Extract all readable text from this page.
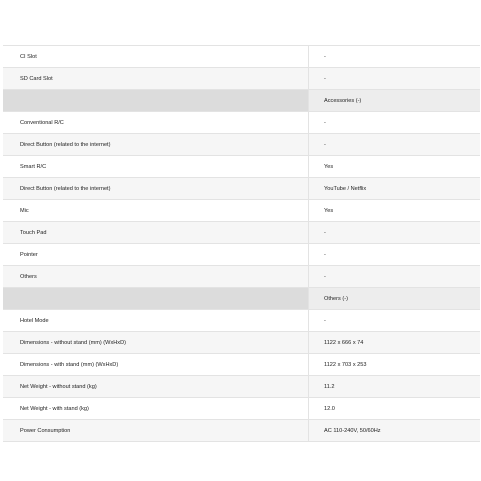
CI Slot	-
SD Card Slot	-
	Accessories (-)
Conventional R/C	-
Direct Button (related to the internet)	-
Smart R/C	Yes
Direct Button (related to the internet)	YouTube / Netflix
Mic	Yes
Touch Pad	-
Pointer	-
Others	-
	Others (-)
Hotel Mode	-
Dimensions - without stand (mm) (WxHxD)	1122 x 666 x 74
Dimensions - with stand (mm) (WxHxD)	1122 x 703 x 253
Net Weight - without stand (kg)	11.2
Net Weight - with stand (kg)	12.0
Power Consumption	AC 110-240V, 50/60Hz
